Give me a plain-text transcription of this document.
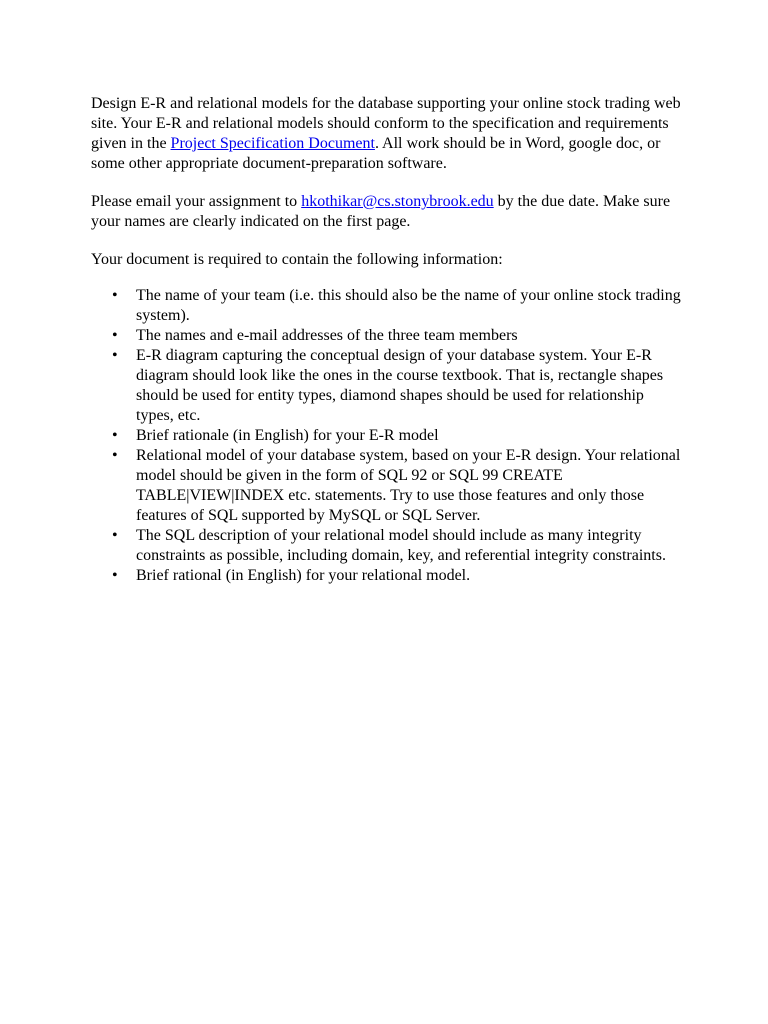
Design E-R and relational models for the database supporting your online stock trading web site. Your E-R and relational models should conform to the specification and requirements given in the Project Specification Document. All work should be in Word, google doc, or some other appropriate document-preparation software.

Please email your assignment to hkothikar@cs.stonybrook.edu by the due date. Make sure your names are clearly indicated on the first page.

Your document is required to contain the following information:

• The name of your team (i.e. this should also be the name of your online stock trading system).
• The names and e-mail addresses of the three team members
• E-R diagram capturing the conceptual design of your database system. Your E-R diagram should look like the ones in the course textbook. That is, rectangle shapes should be used for entity types, diamond shapes should be used for relationship types, etc.
• Brief rationale (in English) for your E-R model
• Relational model of your database system, based on your E-R design. Your relational model should be given in the form of SQL 92 or SQL 99 CREATE TABLE|VIEW|INDEX etc. statements. Try to use those features and only those features of SQL supported by MySQL or SQL Server.
• The SQL description of your relational model should include as many integrity constraints as possible, including domain, key, and referential integrity constraints.
• Brief rational (in English) for your relational model.
